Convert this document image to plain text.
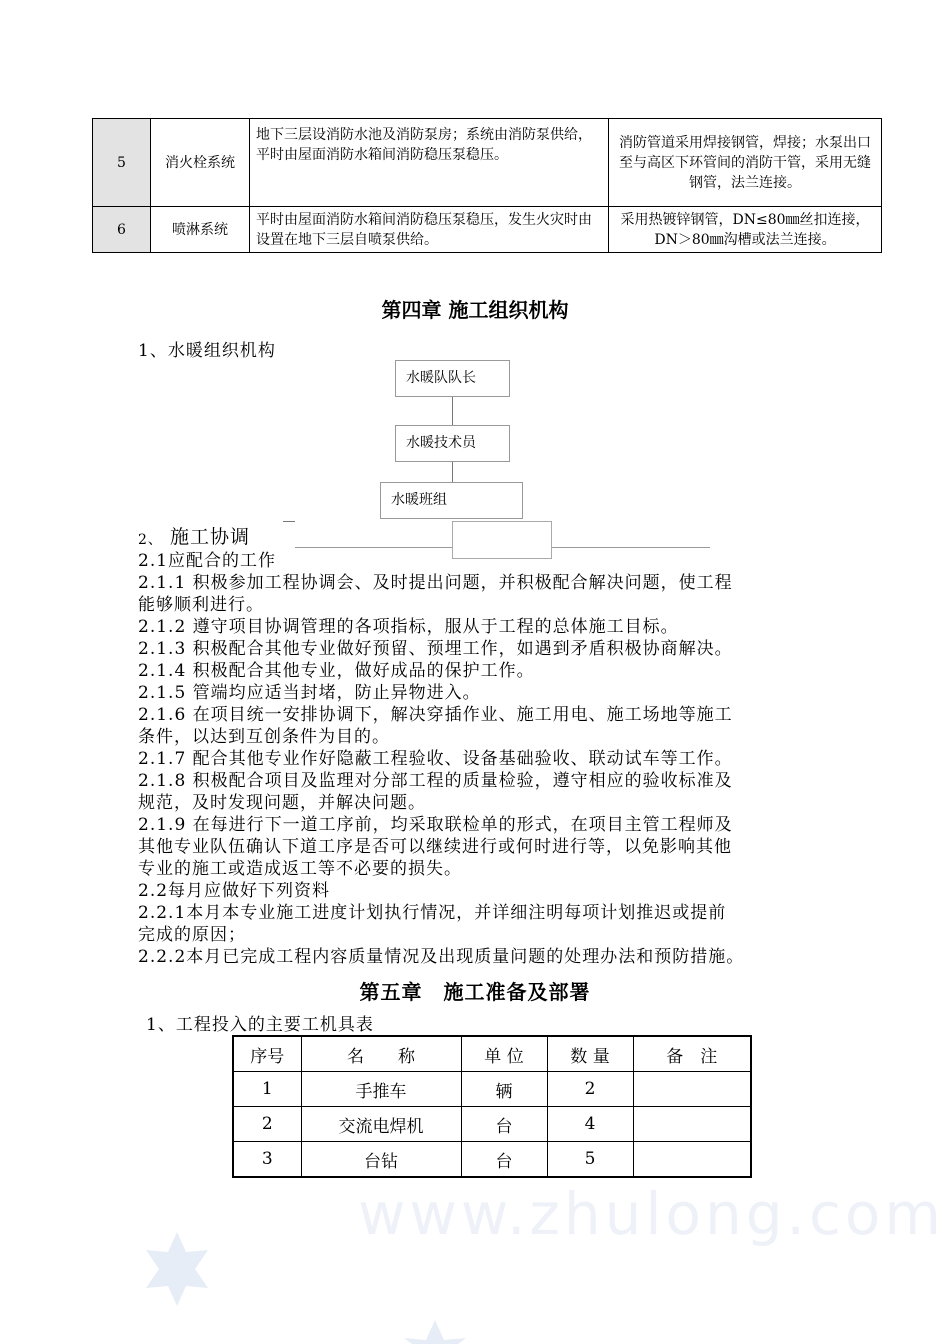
5	消火栓系统	地下三层设消防水池及消防泵房；系统由消防泵供给，平时由屋面消防水箱间消防稳压泵稳压。	消防管道采用焊接钢管，焊接；水泵出口至与高区下环管间的消防干管，采用无缝钢管，法兰连接。
6	喷淋系统	平时由屋面消防水箱间消防稳压泵稳压，发生火灾时由设置在地下三层自喷泵供给。	采用热镀锌钢管，DN≤80㎜丝扣连接，DN＞80㎜沟槽或法兰连接。
第四章 施工组织机构
1、水暖组织机构
水暖队队长
水暖技术员
水暖班组
2、 施工协调
2.1应配合的工作
2.1.1 积极参加工程协调会、及时提出问题，并积极配合解决问题，使工程
能够顺利进行。
2.1.2 遵守项目协调管理的各项指标，服从于工程的总体施工目标。
2.1.3 积极配合其他专业做好预留、预埋工作，如遇到矛盾积极协商解决。
2.1.4 积极配合其他专业，做好成品的保护工作。
2.1.5 管端均应适当封堵，防止异物进入。
2.1.6 在项目统一安排协调下，解决穿插作业、施工用电、施工场地等施工
条件，以达到互创条件为目的。
2.1.7 配合其他专业作好隐蔽工程验收、设备基础验收、联动试车等工作。
2.1.8 积极配合项目及监理对分部工程的质量检验，遵守相应的验收标准及
规范，及时发现问题，并解决问题。
2.1.9 在每进行下一道工序前，均采取联检单的形式，在项目主管工程师及
其他专业队伍确认下道工序是否可以继续进行或何时进行等，以免影响其他
专业的施工或造成返工等不必要的损失。
2.2每月应做好下列资料
2.2.1本月本专业施工进度计划执行情况，并详细注明每项计划推迟或提前
完成的原因；
2.2.2本月已完成工程内容质量情况及出现质量问题的处理办法和预防措施。
第五章　施工准备及部署
1、工程投入的主要工机具表
序号	名　　称	单 位	数 量	备　注
1	手推车	辆	2	
2	交流电焊机	台	4	
3	台钻	台	5	
www.zhulong.com
